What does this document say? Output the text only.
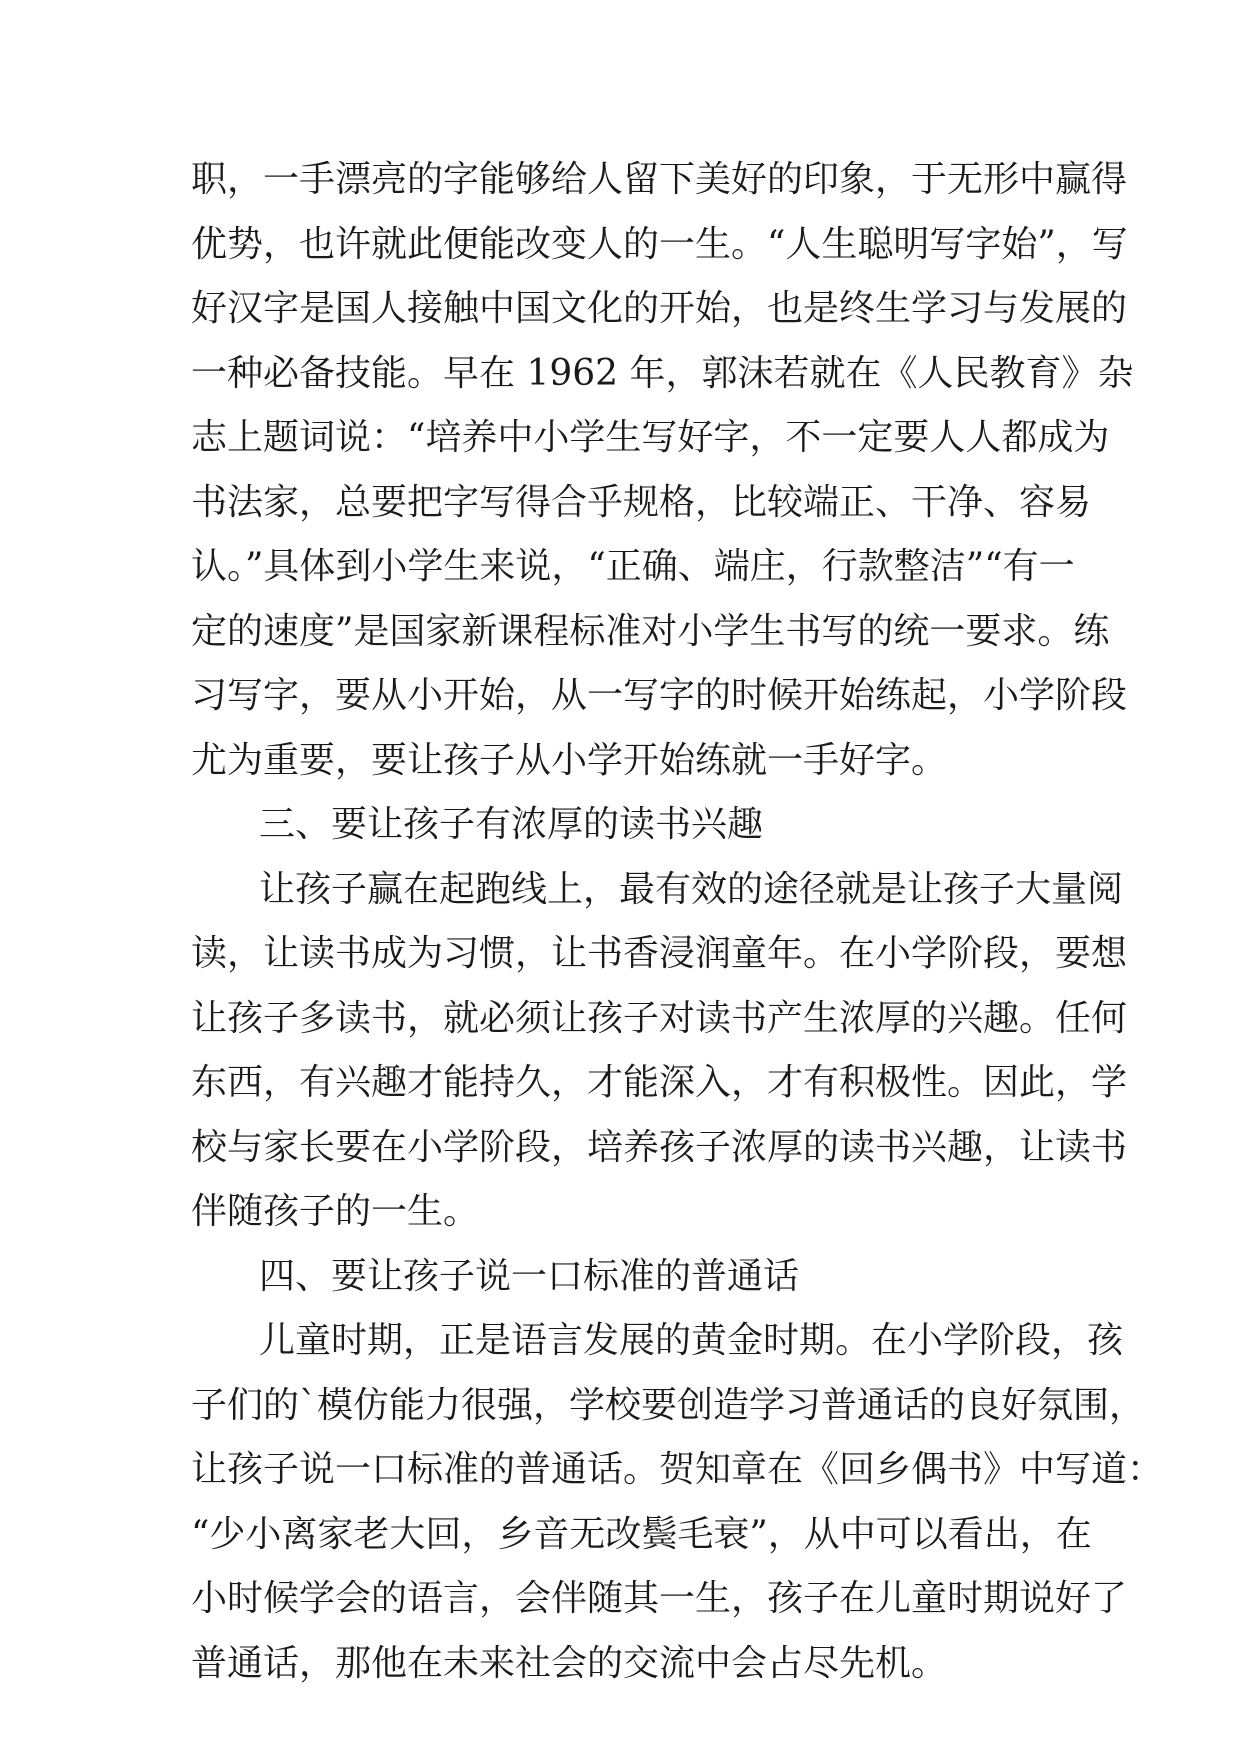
职，一手漂亮的字能够给人留下美好的印象，于无形中赢得
优势，也许就此便能改变人的一生。“人生聪明写字始”，写
好汉字是国人接触中国文化的开始，也是终生学习与发展的
一种必备技能。早在 1962 年，郭沫若就在《人民教育》杂
志上题词说：“培养中小学生写好字，不一定要人人都成为
书法家，总要把字写得合乎规格，比较端正、干净、容易
认。”具体到小学生来说，“正确、端庄，行款整洁”“有一
定的速度”是国家新课程标准对小学生书写的统一要求。练
习写字，要从小开始，从一写字的时候开始练起，小学阶段
尤为重要，要让孩子从小学开始练就一手好字。
三、要让孩子有浓厚的读书兴趣
让孩子赢在起跑线上，最有效的途径就是让孩子大量阅
读，让读书成为习惯，让书香浸润童年。在小学阶段，要想
让孩子多读书，就必须让孩子对读书产生浓厚的兴趣。任何
东西，有兴趣才能持久，才能深入，才有积极性。因此，学
校与家长要在小学阶段，培养孩子浓厚的读书兴趣，让读书
伴随孩子的一生。
四、要让孩子说一口标准的普通话
儿童时期，正是语言发展的黄金时期。在小学阶段，孩
子们的`模仿能力很强，学校要创造学习普通话的良好氛围，
让孩子说一口标准的普通话。贺知章在《回乡偶书》中写道：
“少小离家老大回，乡音无改鬓毛衰”，从中可以看出，在
小时候学会的语言，会伴随其一生，孩子在儿童时期说好了
普通话，那他在未来社会的交流中会占尽先机。
